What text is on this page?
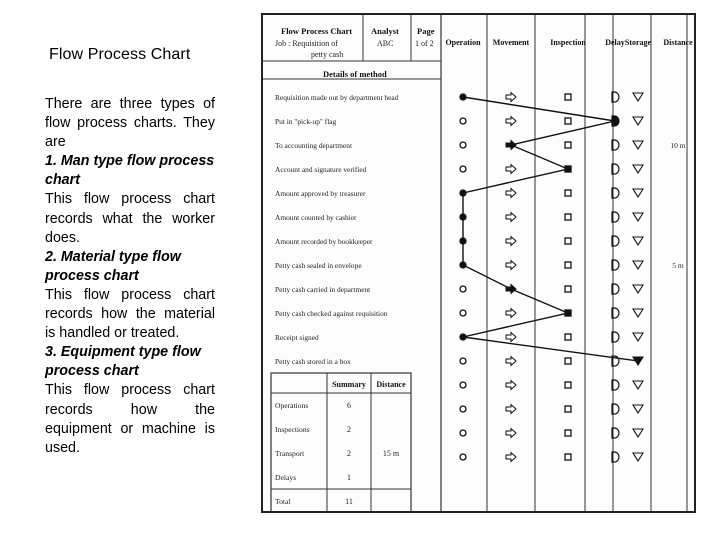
Flow Process Chart

There are three types of flow process charts. They are

1. Man type flow process chart

This flow process chart records what the worker does.

2. Material type flow process chart

This flow process chart records how the material is handled or treated.

3. Equipment type flow process chart

This flow process chart records how the equipment or machine is used.

Flow Process Chart
Job : Requisition of
petty cash
Analyst
ABC
Page
1 of 2
Details of method
Operation Movement	Inspection Delay Storage Distance
Requisition made out by department head
Put in "pick-up" flag
To accounting department	10 m
Account and signature verified
Amount approved by treasurer
Amount counted by cashier
Amount recorded by bookkeeper
Petty cash sealed in envelope	5 m
Petty cash carried in department
Petty cash checked against requisition
Receipt signed
Petty cash stored in a box
Summary Distance
Operations	6
Inspections	2
Transport	2	15 m
Delays	1
Total	11
